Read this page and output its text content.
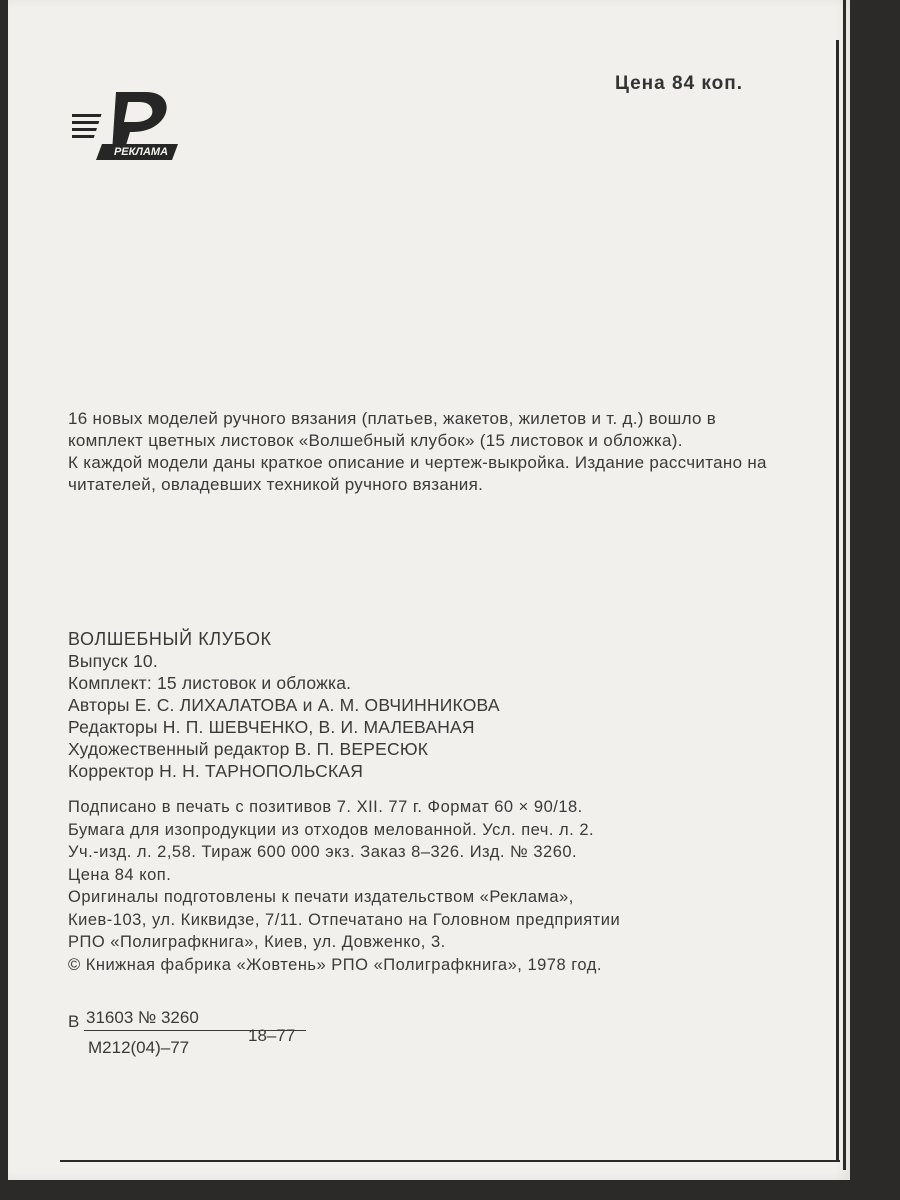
Цена 84 коп.
РЕКЛАМА

16 новых моделей ручного вязания (платьев, жакетов, жилетов и т. д.) вошло в комплект цветных листовок «Волшебный клубок» (15 листовок и обложка).

К каждой модели даны краткое описание и чертеж-выкройка. Издание рассчитано на читателей, овладевших техникой ручного вязания.

ВОЛШЕБНЫЙ КЛУБОК
Выпуск 10.
Комплект: 15 листовок и обложка.
Авторы Е. С. ЛИХАЛАТОВА и А. М. ОВЧИННИКОВА
Редакторы Н. П. ШЕВЧЕНКО, В. И. МАЛЕВАНАЯ
Художественный редактор В. П. ВЕРЕСЮК
Корректор Н. Н. ТАРНОПОЛЬСКАЯ
Подписано в печать с позитивов 7. XII. 77 г. Формат 60 × 90/18.
Бумага для изопродукции из отходов мелованной. Усл. печ. л. 2.
Уч.-изд. л. 2,58. Тираж 600 000 экз. Заказ 8–326. Изд. № 3260.
Цена 84 коп.
Оригиналы подготовлены к печати издательством «Реклама»,
Киев-103, ул. Киквидзе, 7/11. Отпечатано на Головном предприятии
РПО «Полиграфкнига», Киев, ул. Довженко, 3.
© Книжная фабрика «Жовтень» РПО «Полиграфкнига», 1978 год.
В 31603 № 3260
М212(04)–77
18–77
